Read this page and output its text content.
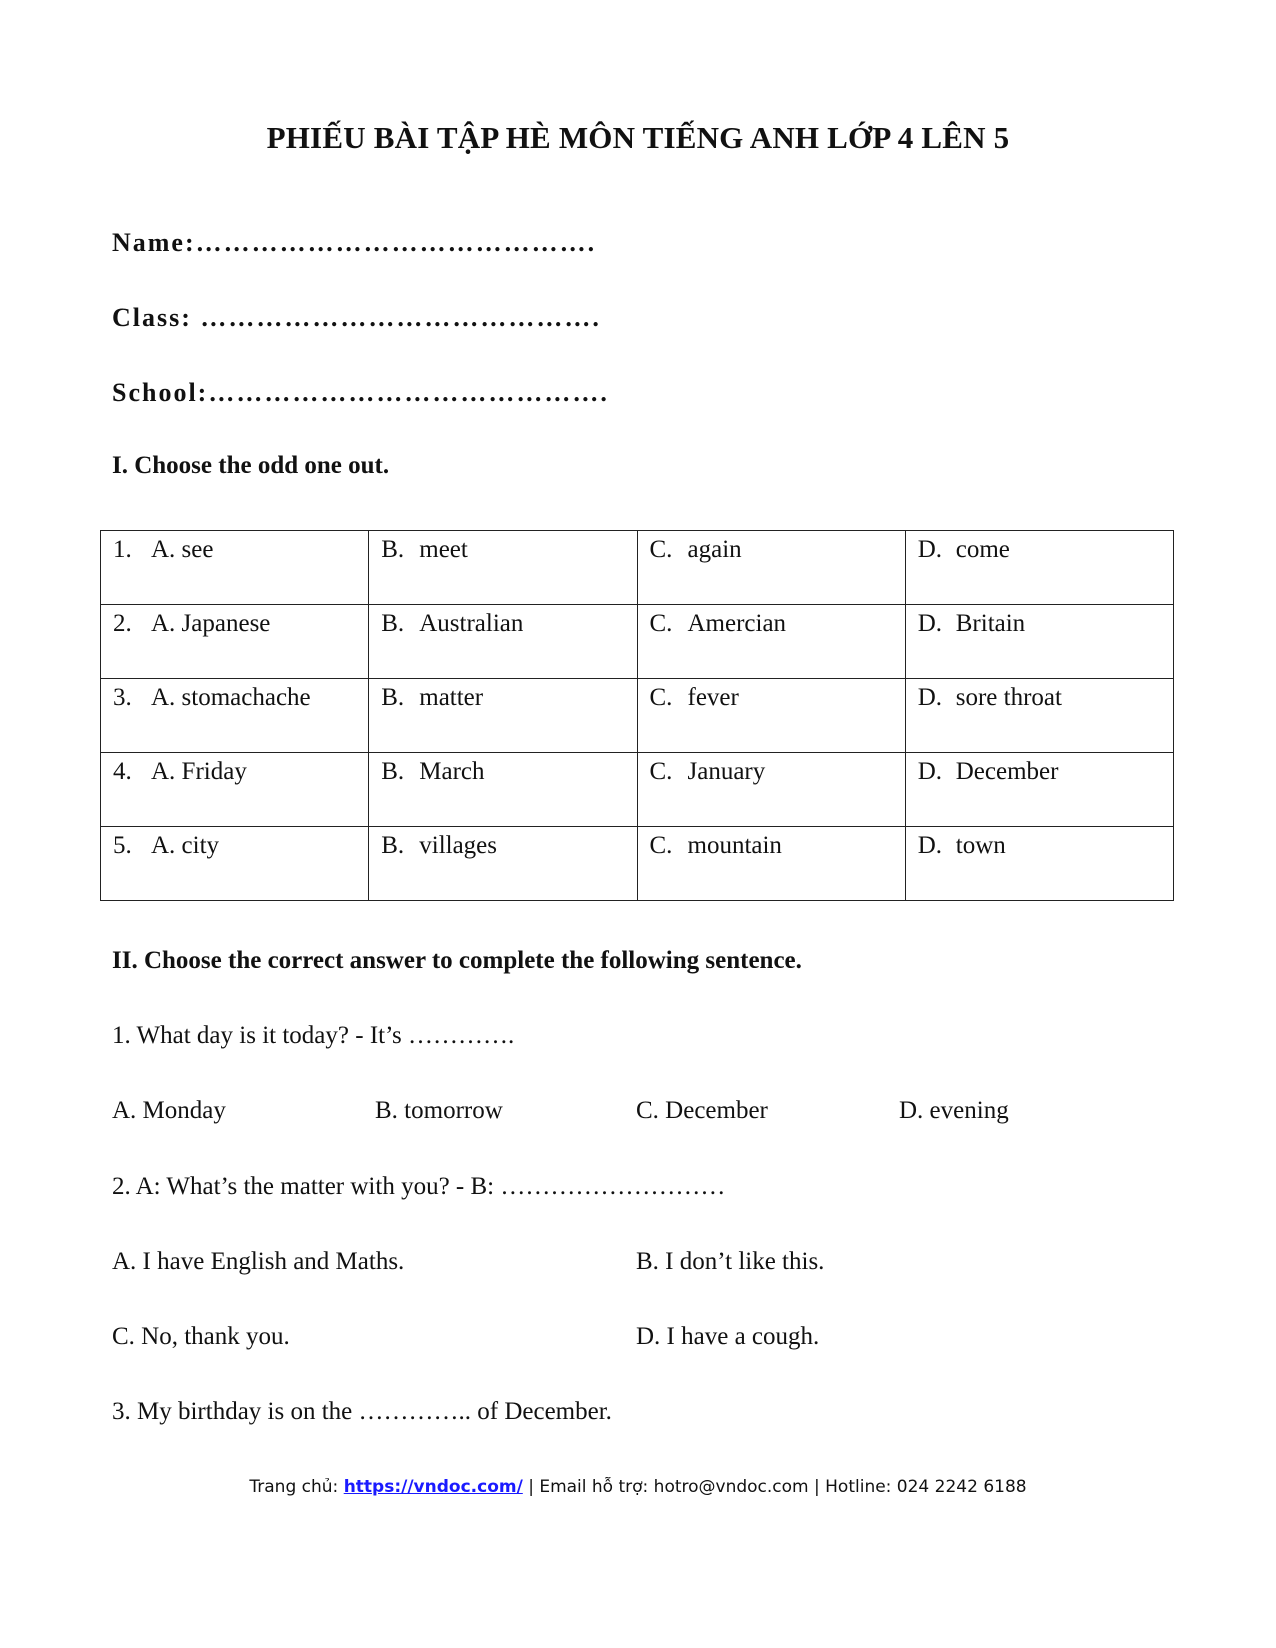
PHIẾU BÀI TẬP HÈ MÔN TIẾNG ANH LỚP 4 LÊN 5
Name:…………………………………….
Class: …………………………………….
School:…………………………………….
I. Choose the odd one out.
1. A. see	B. meet	C. again	D. come
2. A. Japanese	B. Australian	C. Amercian	D. Britain
3. A. stomachache	B. matter	C. fever	D. sore throat
4. A. Friday	B. March	C. January	D. December
5. A. city	B. villages	C. mountain	D. town
II. Choose the correct answer to complete the following sentence.
1. What day is it today? - It’s ………….
A. Monday	B. tomorrow	C. December	D. evening
2. A: What’s the matter with you? - B: ………………………
A. I have English and Maths.	B. I don’t like this.
C. No, thank you.	D. I have a cough.
3. My birthday is on the ………….. of December.
Trang chủ: https://vndoc.com/ | Email hỗ trợ: hotro@vndoc.com | Hotline: 024 2242 6188
